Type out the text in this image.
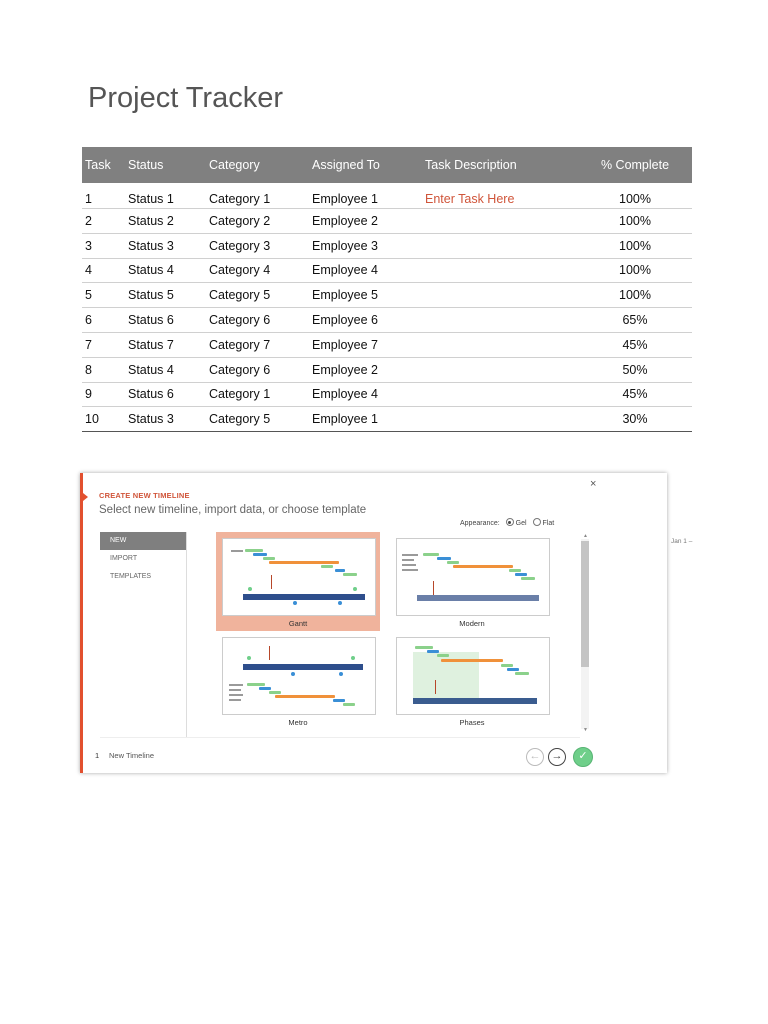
Project Tracker
Task	Status	Category	Assigned To	Task Description	% Complete
1	Status 1	Category 1	Employee 1	Enter Task Here	100%
2	Status 2	Category 2	Employee 2		100%
3	Status 3	Category 3	Employee 3		100%
4	Status 4	Category 4	Employee 4		100%
5	Status 5	Category 5	Employee 5		100%
6	Status 6	Category 6	Employee 6		65%
7	Status 7	Category 7	Employee 7		45%
8	Status 4	Category 6	Employee 2		50%
9	Status 6	Category 1	Employee 4		45%
10	Status 3	Category 5	Employee 1		30%
Jan 1 –
CREATE NEW TIMELINE
Select new timeline, import data, or choose template
×
Appearance: Gel Flat
NEW
IMPORT
TEMPLATES
Gantt	Modern
Metro	Phases
▲
▼
1 New Timeline	←	→	✓
